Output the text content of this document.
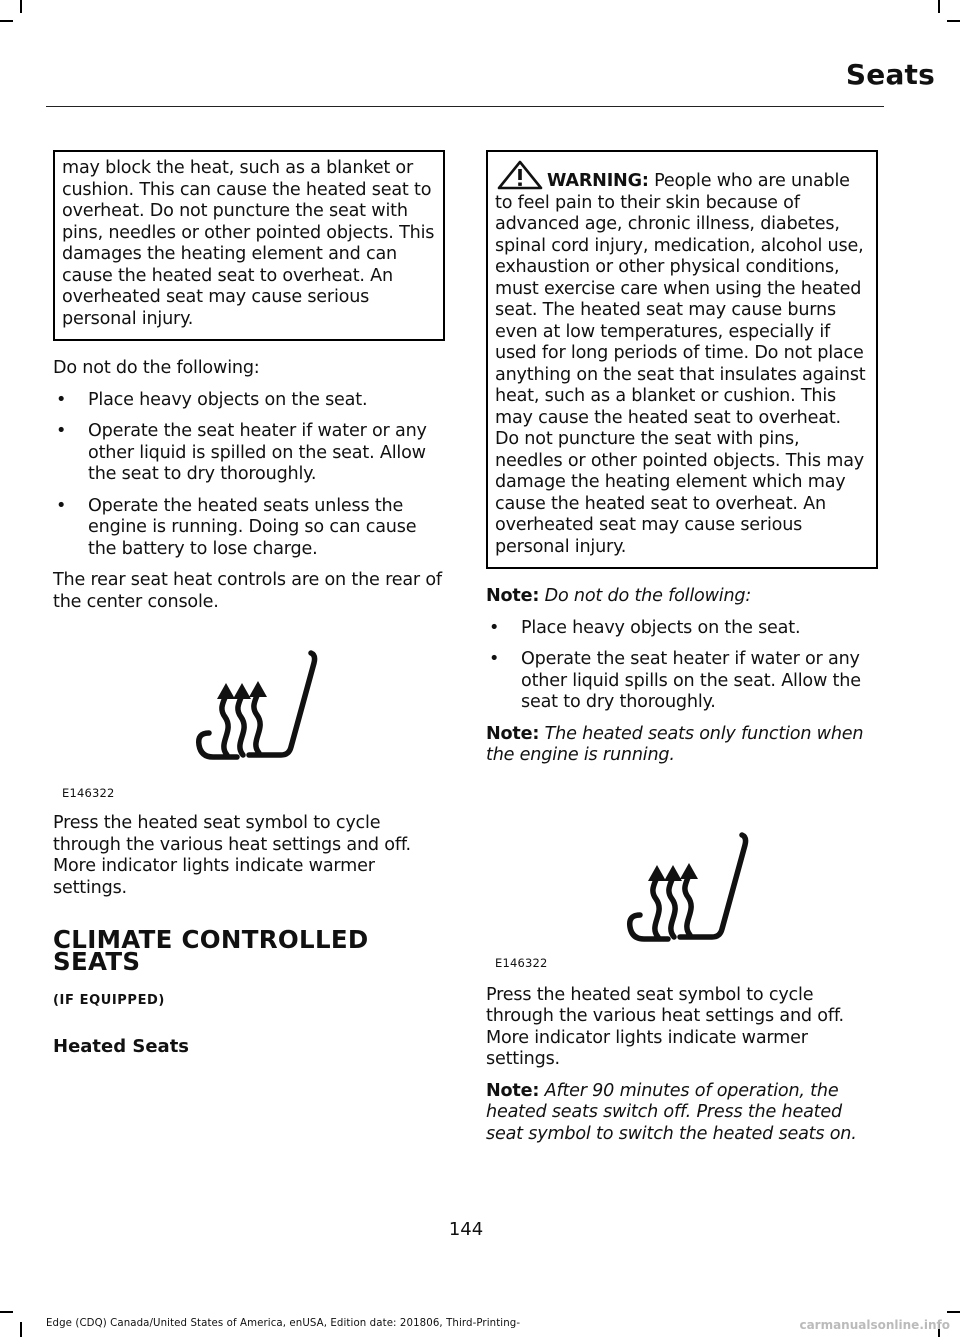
Seats
may block the heat, such as a blanket or cushion. This can cause the heated seat to overheat. Do not puncture the seat with pins, needles or other pointed objects. This damages the heating element and can cause the heated seat to overheat. An overheated seat may cause serious personal injury.

Do not do the following:

• Place heavy objects on the seat.
• Operate the seat heater if water or any other liquid is spilled on the seat. Allow the seat to dry thoroughly.
• Operate the heated seats unless the engine is running. Doing so can cause the battery to lose charge.

The rear seat heat controls are on the rear of the center console.

E146322

Press the heated seat symbol to cycle through the various heat settings and off. More indicator lights indicate warmer settings.

CLIMATE CONTROLLED SEATS
(IF EQUIPPED)
Heated Seats
WARNING: People who are unable to feel pain to their skin because of advanced age, chronic illness, diabetes, spinal cord injury, medication, alcohol use, exhaustion or other physical conditions, must exercise care when using the heated seat. The heated seat may cause burns even at low temperatures, especially if used for long periods of time. Do not place anything on the seat that insulates against heat, such as a blanket or cushion. This may cause the heated seat to overheat. Do not puncture the seat with pins, needles or other pointed objects. This may damage the heating element which may cause the heated seat to overheat. An overheated seat may cause serious personal injury.

Note: Do not do the following:

• Place heavy objects on the seat.
• Operate the seat heater if water or any other liquid spills on the seat. Allow the seat to dry thoroughly.

Note: The heated seats only function when the engine is running.

E146322

Press the heated seat symbol to cycle through the various heat settings and off. More indicator lights indicate warmer settings.

Note: After 90 minutes of operation, the heated seats switch off. Press the heated seat symbol to switch the heated seats on.

144
Edge (CDQ) Canada/United States of America, enUSA, Edition date: 201806, Third-Printing-	carmanualsonline.info
